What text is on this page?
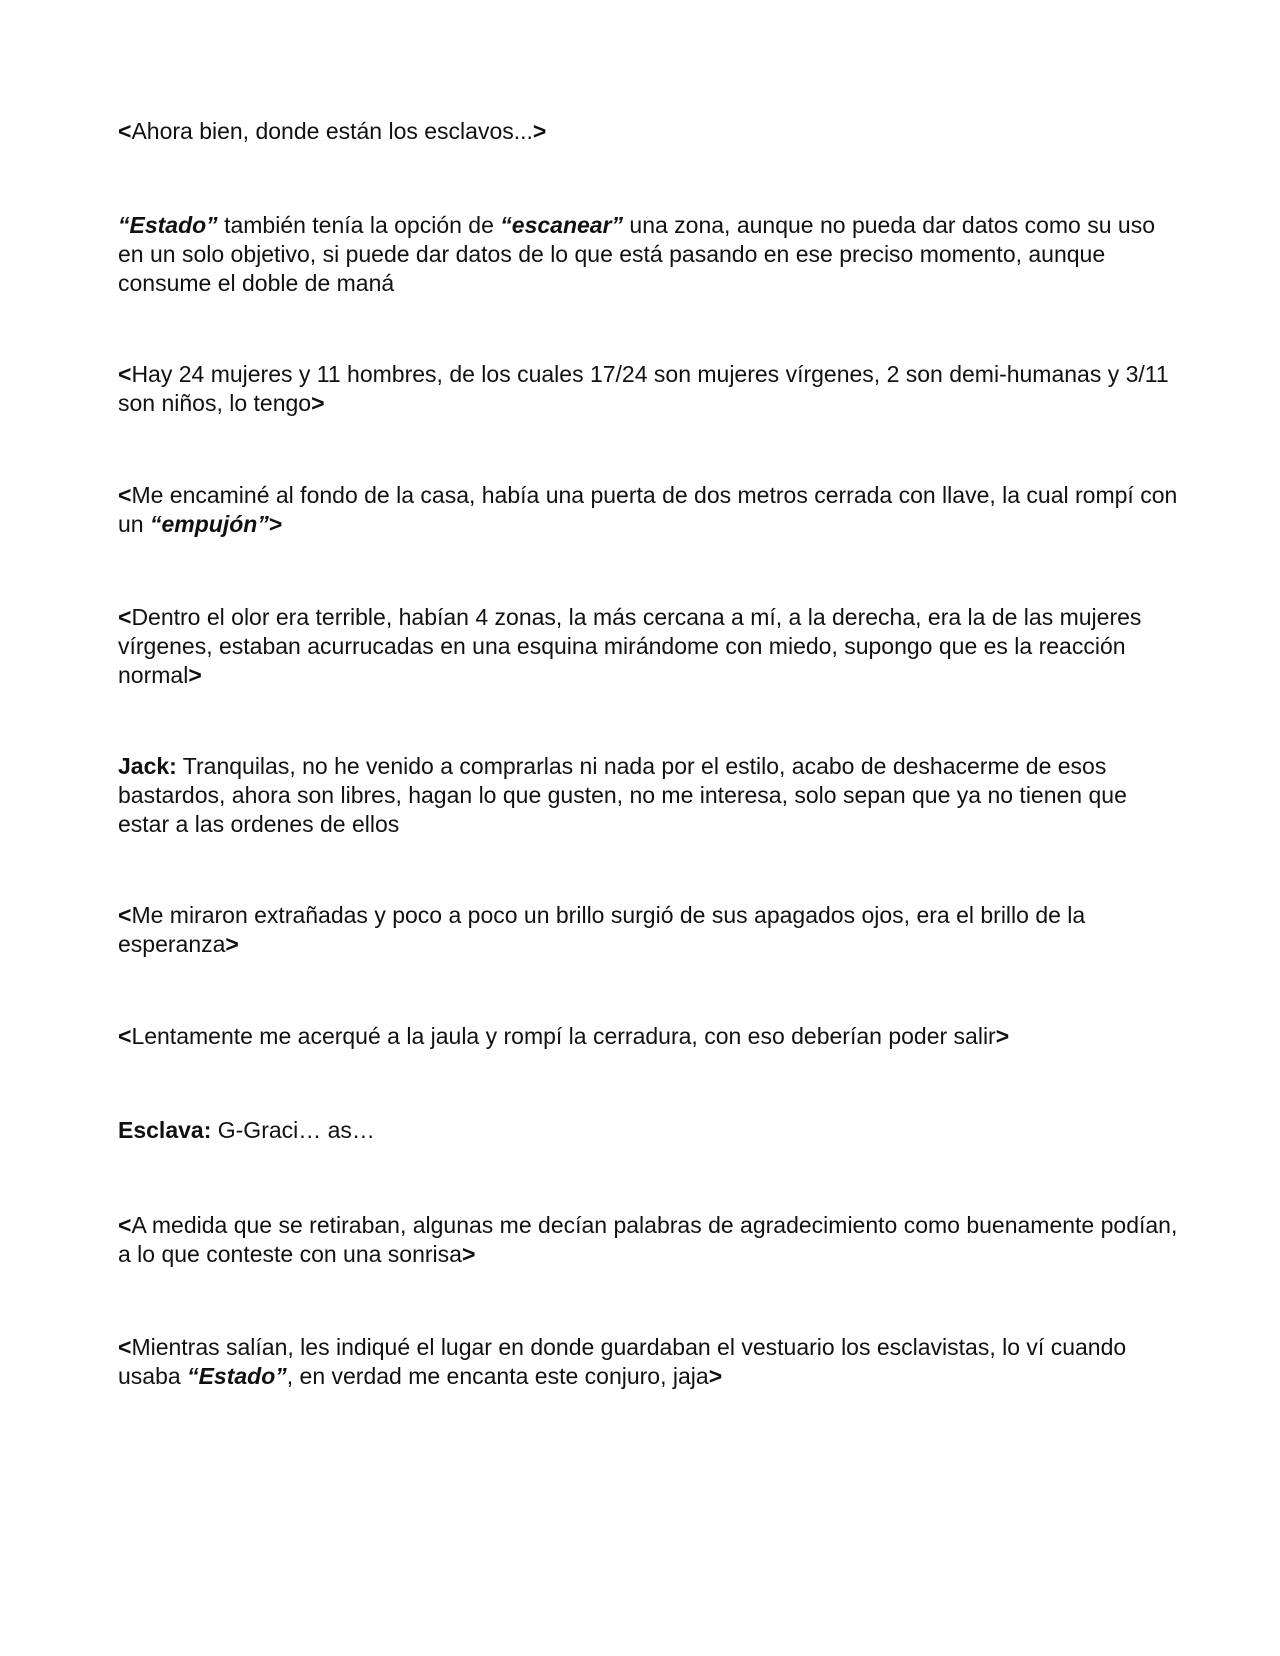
<Ahora bien, donde están los esclavos...>

“Estado” también tenía la opción de “escanear” una zona, aunque no pueda dar datos como su uso en un solo objetivo, si puede dar datos de lo que está pasando en ese preciso momento, aunque consume el doble de maná

<Hay 24 mujeres y 11 hombres, de los cuales 17/24 son mujeres vírgenes, 2 son demi-humanas y 3/11 son niños, lo tengo>

<Me encaminé al fondo de la casa, había una puerta de dos metros cerrada con llave, la cual rompí con un “empujón”>

<Dentro el olor era terrible, habían 4 zonas, la más cercana a mí, a la derecha, era la de las mujeres vírgenes, estaban acurrucadas en una esquina mirándome con miedo, supongo que es la reacción normal>

Jack: Tranquilas, no he venido a comprarlas ni nada por el estilo, acabo de deshacerme de esos bastardos, ahora son libres, hagan lo que gusten, no me interesa, solo sepan que ya no tienen que estar a las ordenes de ellos

<Me miraron extrañadas y poco a poco un brillo surgió de sus apagados ojos, era el brillo de la esperanza>

<Lentamente me acerqué a la jaula y rompí la cerradura, con eso deberían poder salir>

Esclava: G-Graci… as…

<A medida que se retiraban, algunas me decían palabras de agradecimiento como buenamente podían, a lo que conteste con una sonrisa>

<Mientras salían, les indiqué el lugar en donde guardaban el vestuario los esclavistas, lo ví cuando usaba “Estado”, en verdad me encanta este conjuro, jaja>
